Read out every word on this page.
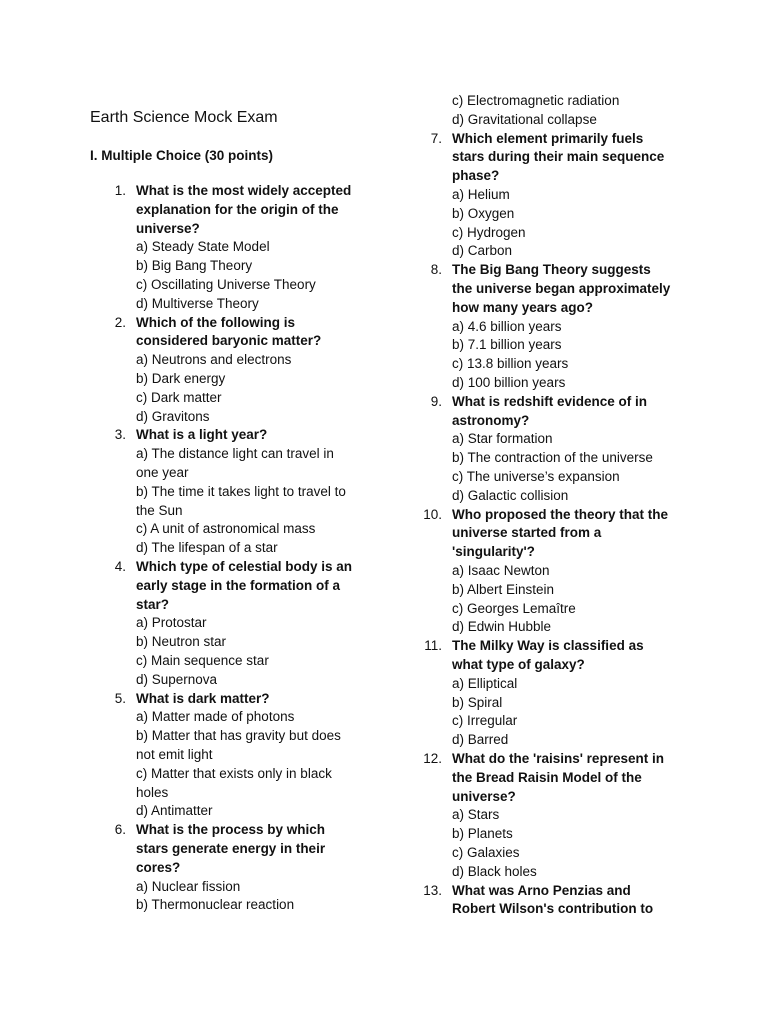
Earth Science Mock Exam
I. Multiple Choice (30 points)
1. What is the most widely accepted
explanation for the origin of the
universe?
a) Steady State Model
b) Big Bang Theory
c) Oscillating Universe Theory
d) Multiverse Theory
2. Which of the following is
considered baryonic matter?
a) Neutrons and electrons
b) Dark energy
c) Dark matter
d) Gravitons
3. What is a light year?
a) The distance light can travel in
one year
b) The time it takes light to travel to
the Sun
c) A unit of astronomical mass
d) The lifespan of a star
4. Which type of celestial body is an
early stage in the formation of a
star?
a) Protostar
b) Neutron star
c) Main sequence star
d) Supernova
5. What is dark matter?
a) Matter made of photons
b) Matter that has gravity but does
not emit light
c) Matter that exists only in black
holes
d) Antimatter
6. What is the process by which
stars generate energy in their
cores?
a) Nuclear fission
b) Thermonuclear reaction
c) Electromagnetic radiation
d) Gravitational collapse
7. Which element primarily fuels
stars during their main sequence
phase?
a) Helium
b) Oxygen
c) Hydrogen
d) Carbon
8. The Big Bang Theory suggests
the universe began approximately
how many years ago?
a) 4.6 billion years
b) 7.1 billion years
c) 13.8 billion years
d) 100 billion years
9. What is redshift evidence of in
astronomy?
a) Star formation
b) The contraction of the universe
c) The universe’s expansion
d) Galactic collision
10. Who proposed the theory that the
universe started from a
'singularity'?
a) Isaac Newton
b) Albert Einstein
c) Georges Lemaître
d) Edwin Hubble
11. The Milky Way is classified as
what type of galaxy?
a) Elliptical
b) Spiral
c) Irregular
d) Barred
12. What do the 'raisins' represent in
the Bread Raisin Model of the
universe?
a) Stars
b) Planets
c) Galaxies
d) Black holes
13. What was Arno Penzias and
Robert Wilson's contribution to
